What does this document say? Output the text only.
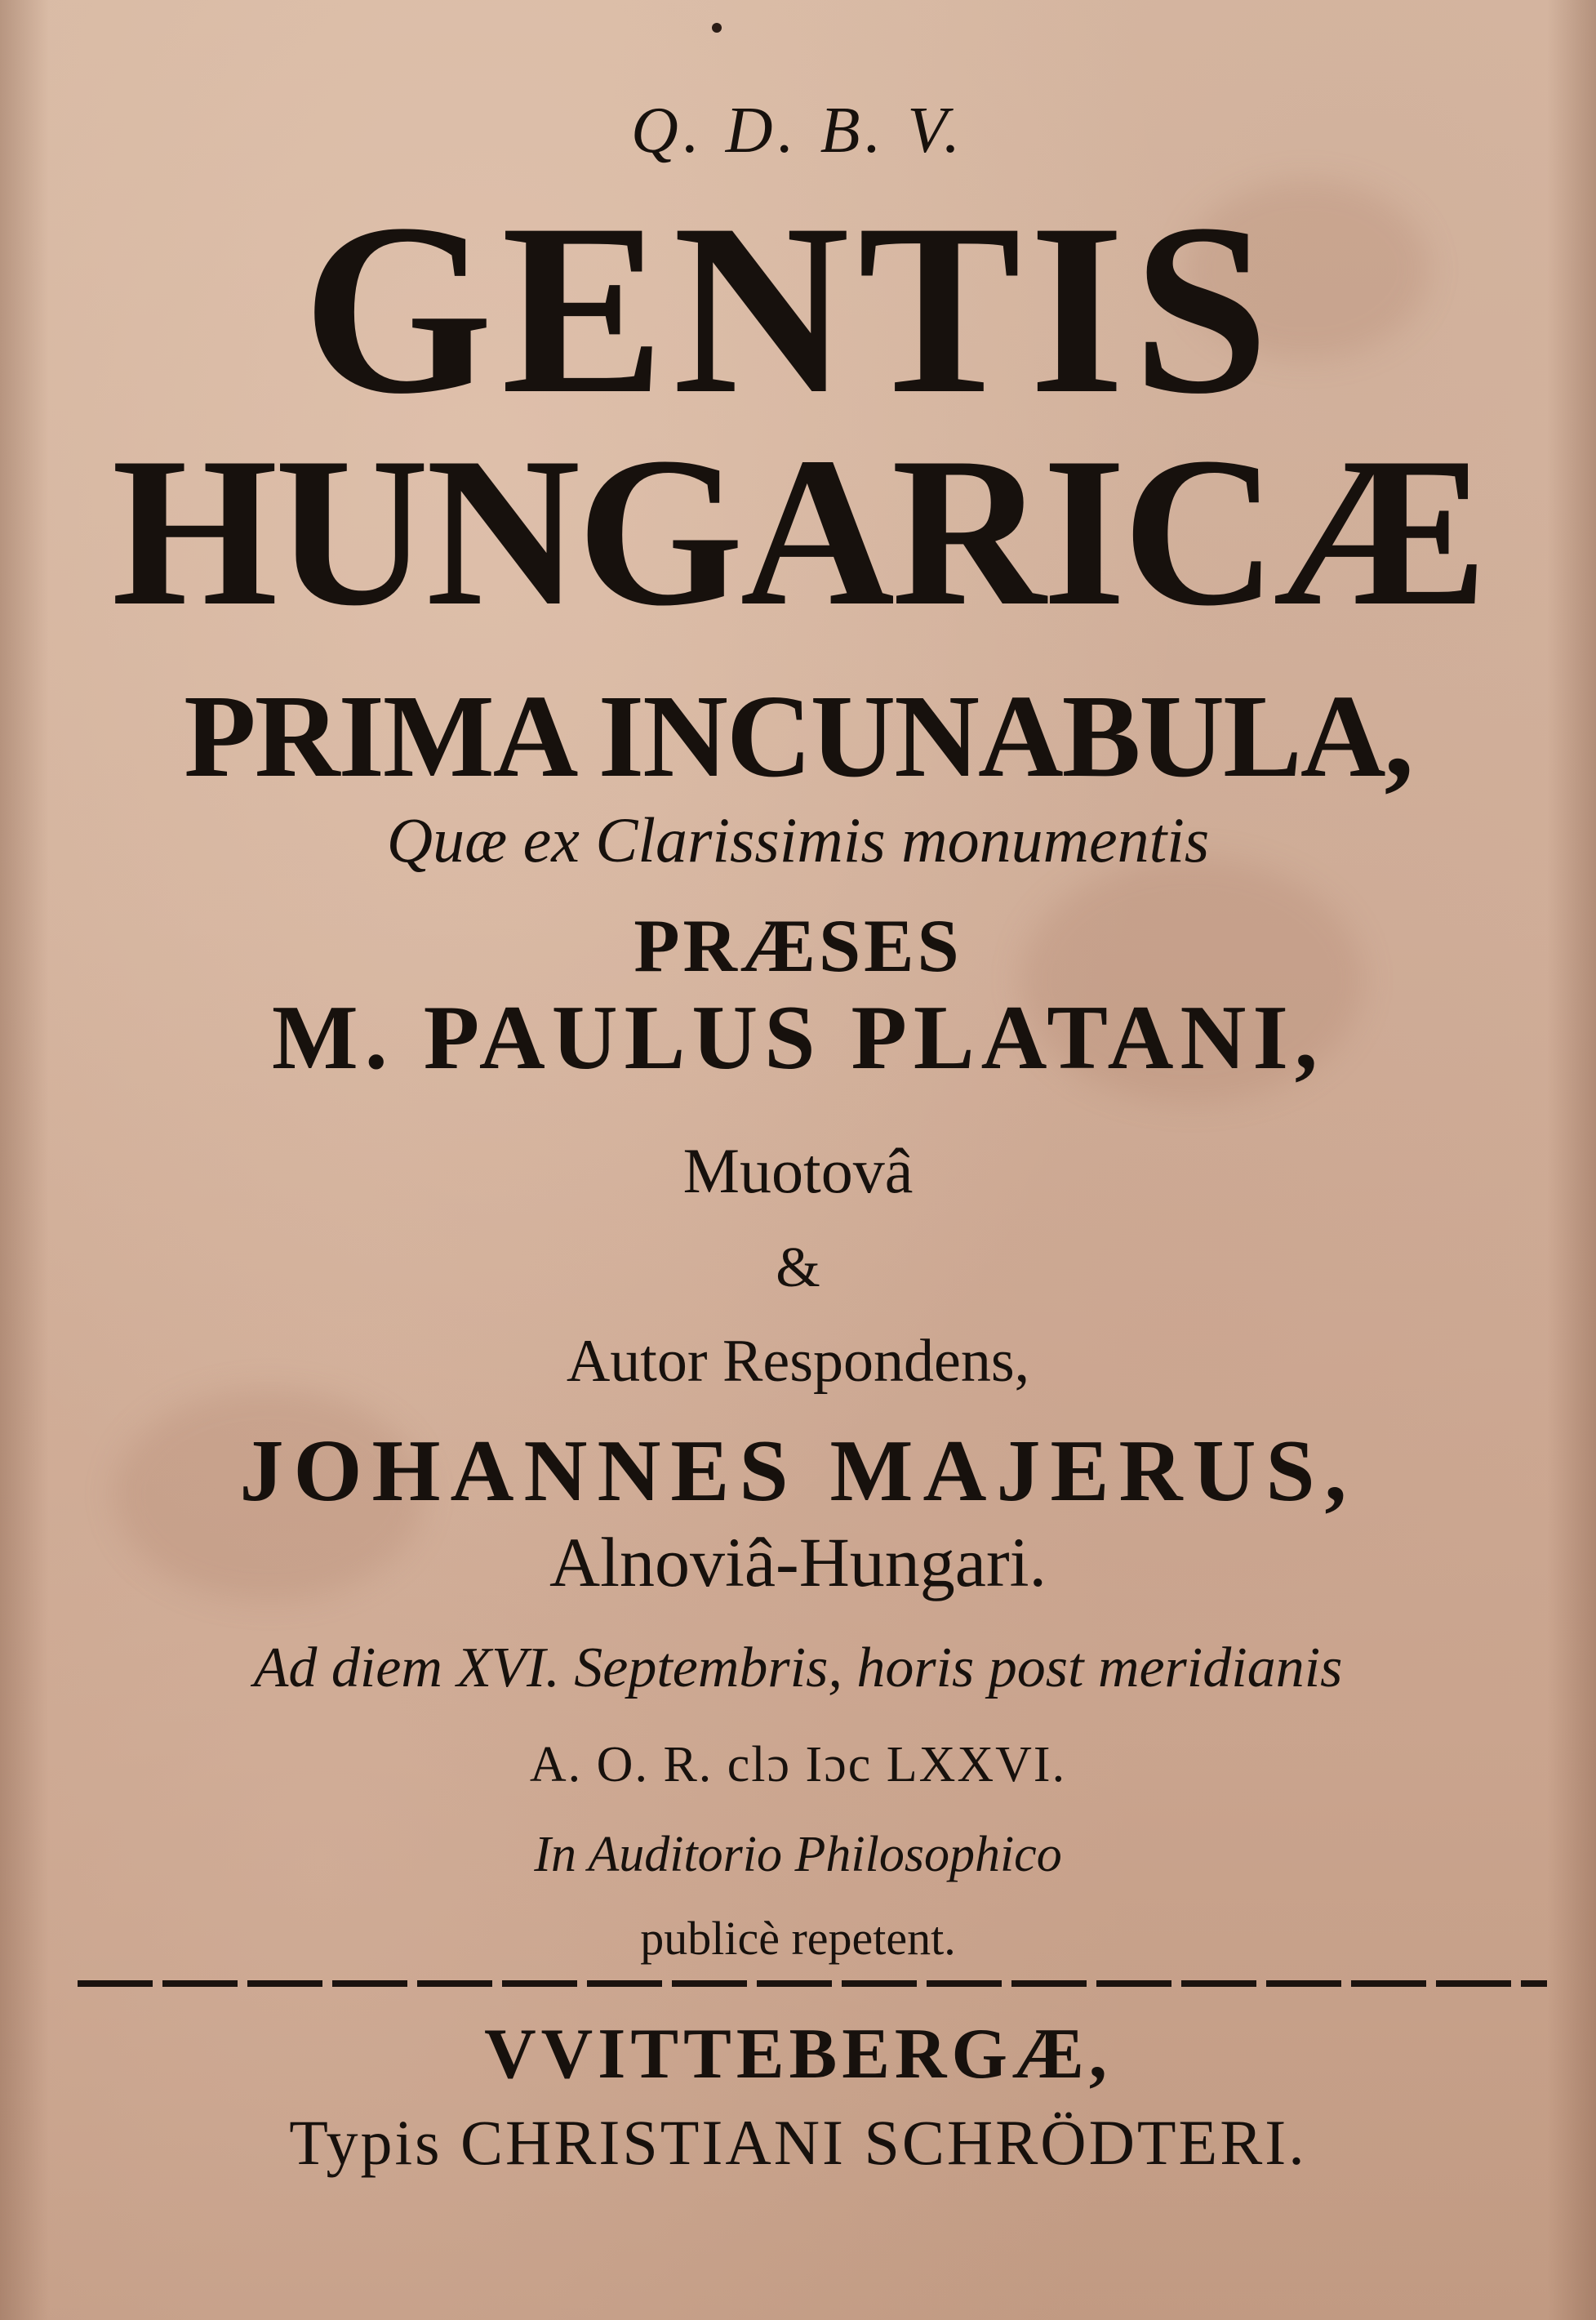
Q. D. B. V.
GENTIS
HUNGARICÆ
PRIMA INCUNABULA,
Quæ ex Clarissimis monumentis
PRÆSES
M. PAULUS PLATANI,
Muotovâ
&
Autor Respondens,
JOHANNES MAJERUS,
Alnoviâ-Hungari.
Ad diem XVI. Septembris, horis post meridianis
A. O. R. clɔ Iɔc LXXVI.
In Auditorio Philosophico
publicè repetent.
VVITTEBERGÆ,
Typis CHRISTIANI SCHRÖDTERI.
